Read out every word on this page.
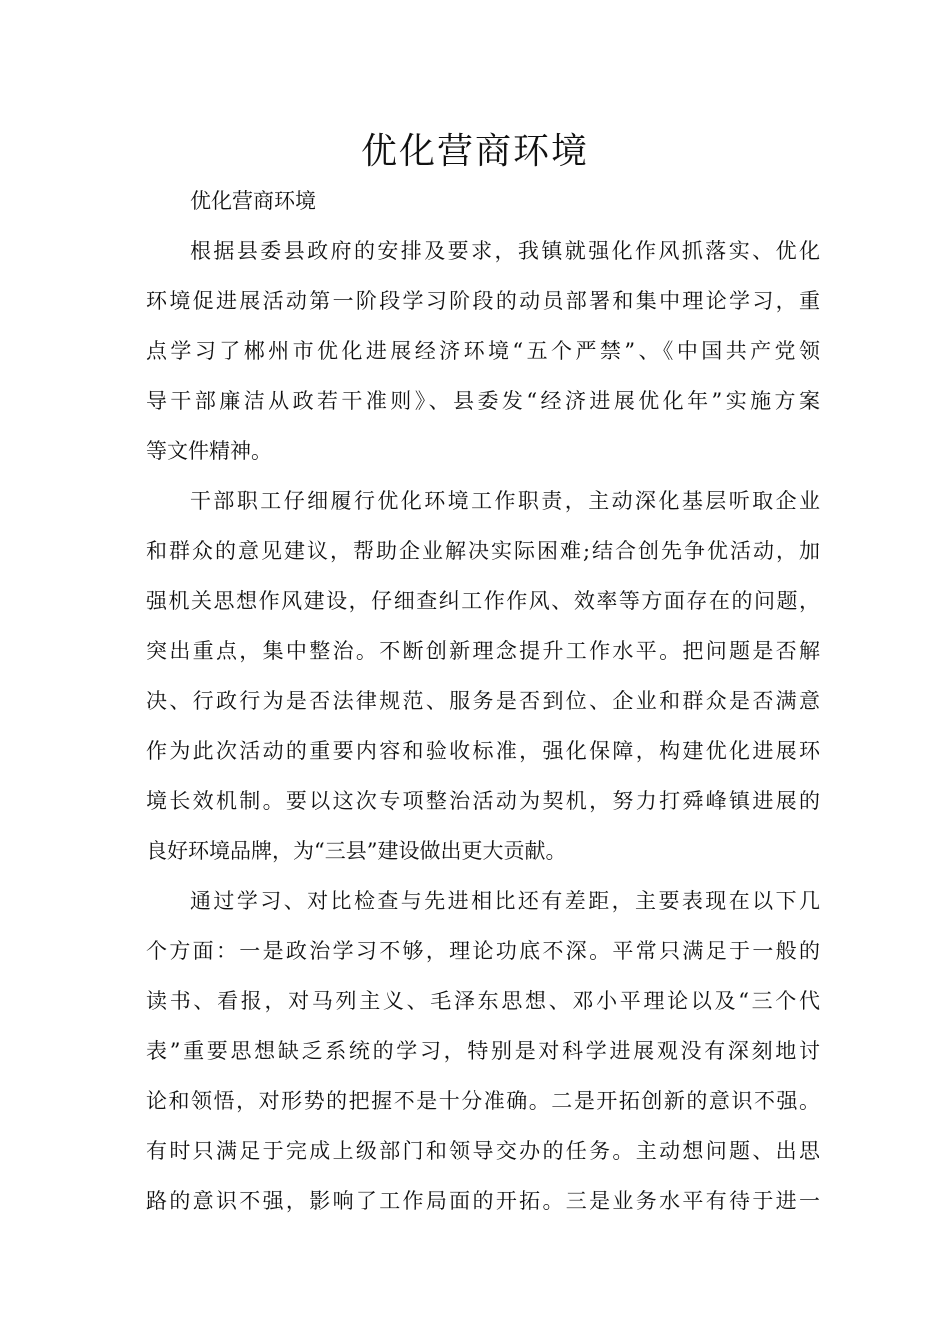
优化营商环境
优化营商环境
根据县委县政府的安排及要求，我镇就强化作风抓落实、优化
环境促进展活动第一阶段学习阶段的动员部署和集中理论学习，重
点学习了郴州市优化进展经济环境“五个严禁”、《中国共产党领
导干部廉洁从政若干准则》、县委发“经济进展优化年”实施方案
等文件精神。
干部职工仔细履行优化环境工作职责，主动深化基层听取企业
和群众的意见建议，帮助企业解决实际困难;结合创先争优活动，加
强机关思想作风建设，仔细查纠工作作风、效率等方面存在的问题，
突出重点，集中整治。不断创新理念提升工作水平。把问题是否解
决、行政行为是否法律规范、服务是否到位、企业和群众是否满意
作为此次活动的重要内容和验收标准，强化保障，构建优化进展环
境长效机制。要以这次专项整治活动为契机，努力打舜峰镇进展的
良好环境品牌，为“三县”建设做出更大贡献。
通过学习、对比检查与先进相比还有差距，主要表现在以下几
个方面：一是政治学习不够，理论功底不深。平常只满足于一般的
读书、看报，对马列主义、毛泽东思想、邓小平理论以及“三个代
表”重要思想缺乏系统的学习，特别是对科学进展观没有深刻地讨
论和领悟，对形势的把握不是十分准确。二是开拓创新的意识不强。
有时只满足于完成上级部门和领导交办的任务。主动想问题、出思
路的意识不强，影响了工作局面的开拓。三是业务水平有待于进一
